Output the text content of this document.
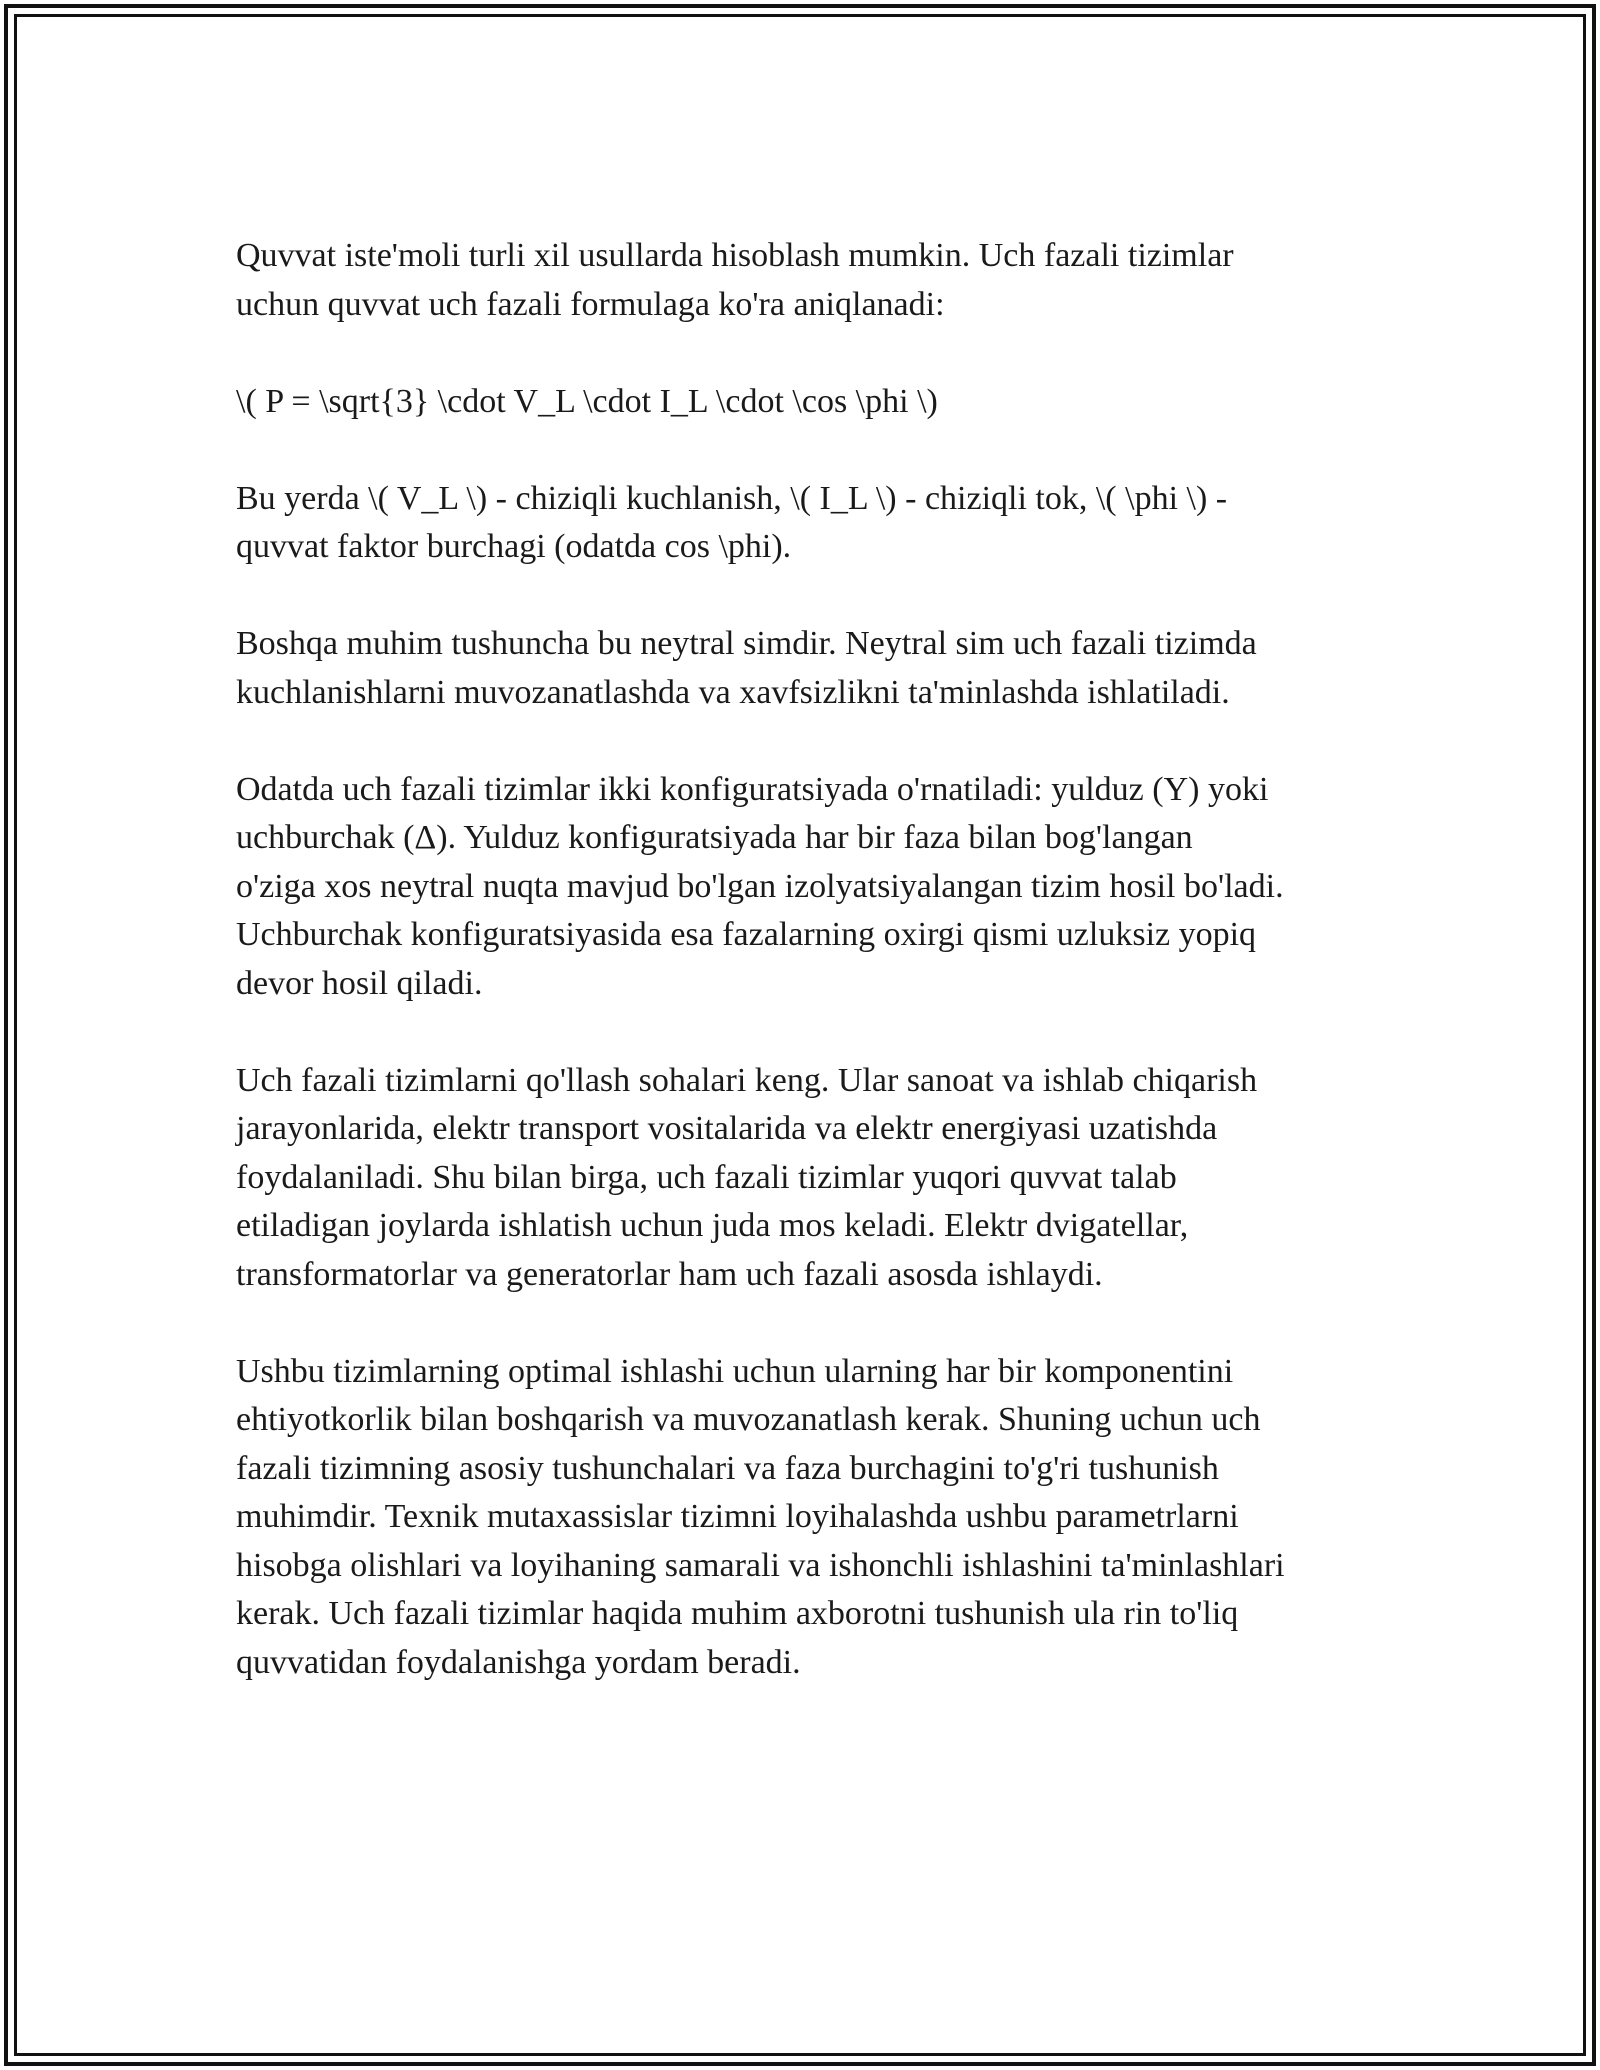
Quvvat iste'moli turli xil usullarda hisoblash mumkin. Uch fazali tizimlar
uchun quvvat uch fazali formulaga ko'ra aniqlanadi:

\( P = \sqrt{3} \cdot V_L \cdot I_L \cdot \cos \phi \)

Bu yerda \( V_L \) - chiziqli kuchlanish, \( I_L \) - chiziqli tok, \( \phi \) -
quvvat faktor burchagi (odatda cos \phi).

Boshqa muhim tushuncha bu neytral simdir. Neytral sim uch fazali tizimda
kuchlanishlarni muvozanatlashda va xavfsizlikni ta'minlashda ishlatiladi.

Odatda uch fazali tizimlar ikki konfiguratsiyada o'rnatiladi: yulduz (Y) yoki
uchburchak (Δ). Yulduz konfiguratsiyada har bir faza bilan bog'langan
o'ziga xos neytral nuqta mavjud bo'lgan izolyatsiyalangan tizim hosil bo'ladi.
Uchburchak konfiguratsiyasida esa fazalarning oxirgi qismi uzluksiz yopiq
devor hosil qiladi.

Uch fazali tizimlarni qo'llash sohalari keng. Ular sanoat va ishlab chiqarish
jarayonlarida, elektr transport vositalarida va elektr energiyasi uzatishda
foydalaniladi. Shu bilan birga, uch fazali tizimlar yuqori quvvat talab
etiladigan joylarda ishlatish uchun juda mos keladi. Elektr dvigatellar,
transformatorlar va generatorlar ham uch fazali asosda ishlaydi.

Ushbu tizimlarning optimal ishlashi uchun ularning har bir komponentini
ehtiyotkorlik bilan boshqarish va muvozanatlash kerak. Shuning uchun uch
fazali tizimning asosiy tushunchalari va faza burchagini to'g'ri tushunish
muhimdir. Texnik mutaxassislar tizimni loyihalashda ushbu parametrlarni
hisobga olishlari va loyihaning samarali va ishonchli ishlashini ta'minlashlari
kerak. Uch fazali tizimlar haqida muhim axborotni tushunish ula rin to'liq
quvvatidan foydalanishga yordam beradi.
